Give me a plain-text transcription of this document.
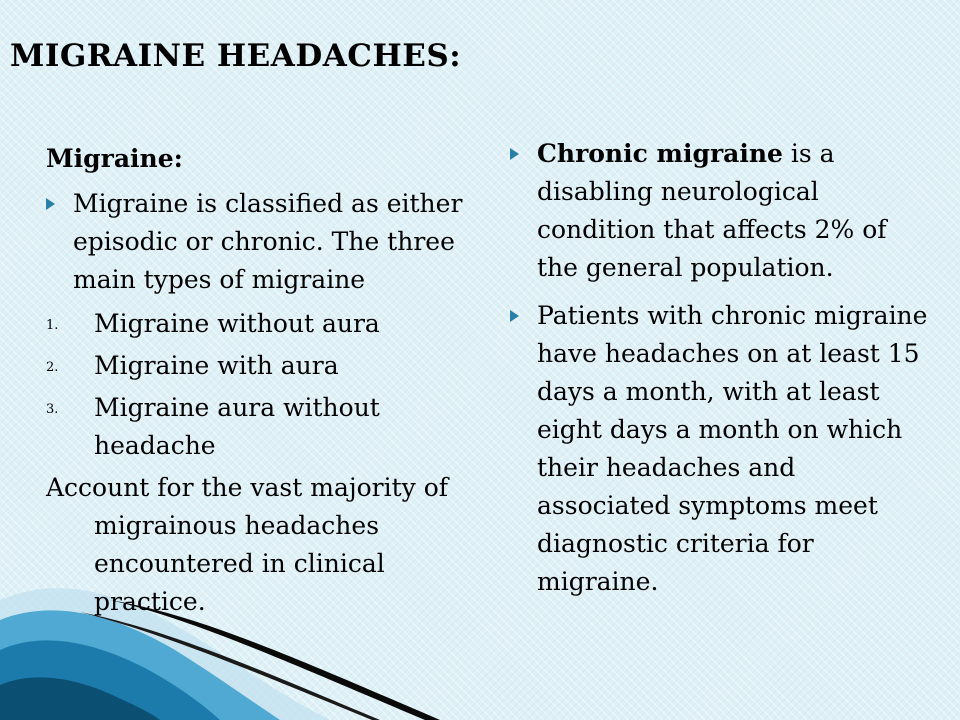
MIGRAINE HEADACHES:
Migraine:
Migraine is classified as either episodic or chronic. The three main types of migraine
1. Migraine without aura
2. Migraine with aura
3. Migraine aura without headache
Account for the vast majority of migrainous headaches encountered in clinical practice.
Chronic migraine is a disabling neurological condition that affects 2% of the general population.
Patients with chronic migraine have headaches on at least 15 days a month, with at least eight days a month on which their headaches and associated symptoms meet diagnostic criteria for migraine.
